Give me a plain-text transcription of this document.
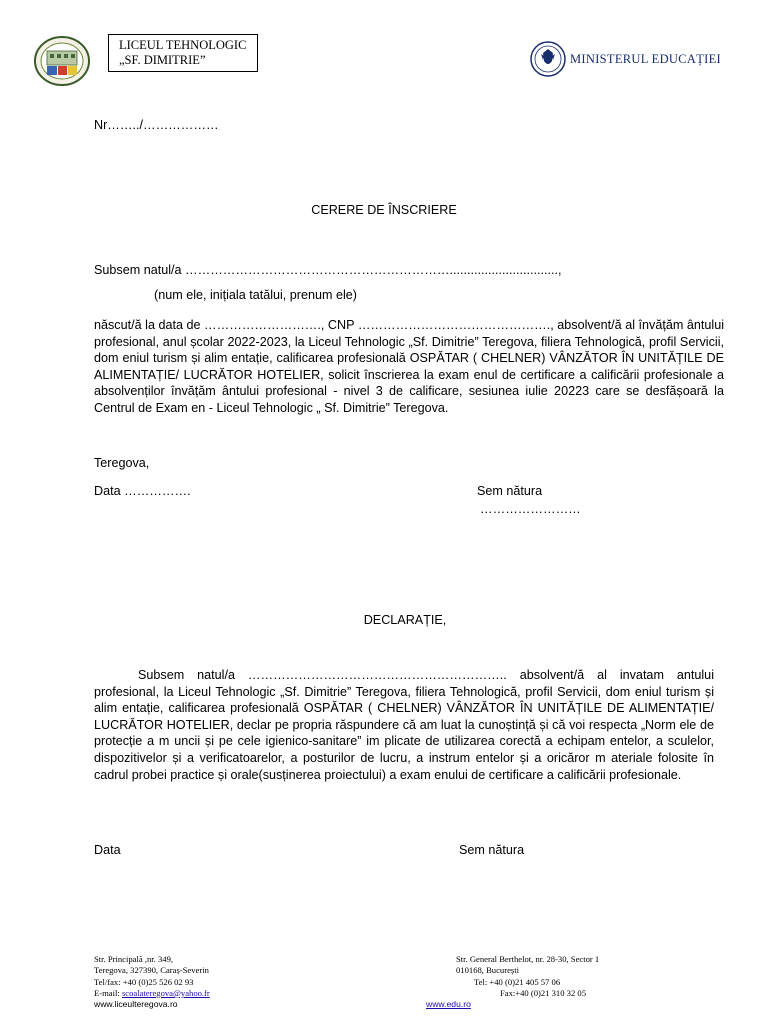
LICEUL TEHNOLOGIC
„SF. DIMITRIE”	MINISTERUL EDUCAȚIEI
Nr……../………………
CERERE DE ÎNSCRIERE
Subsem natul/a ………………………………………………………...............................,
(num ele, inițiala tatălui, prenum ele)
născut/ă la data de ………………………., CNP ………………………………………., absolvent/ă al învățăm ântului profesional, anul școlar 2022-2023, la Liceul Tehnologic „Sf. Dimitrie” Teregova, filiera Tehnologică, profil Servicii, dom eniul turism și alim entație, calificarea profesională OSPĂTAR ( CHELNER) VÂNZĂTOR ÎN UNITĂȚILE DE ALIMENTAȚIE/ LUCRĂTOR HOTELIER, solicit înscrierea la exam enul de certificare a calificării profesionale a absolvenților învățăm ântului profesional - nivel 3 de calificare, sesiunea iulie 20223 care se desfășoară la Centrul de Exam en - Liceul Tehnologic „ Sf. Dimitrie” Teregova.
Teregova,
Data …………….	Sem nătura
……………………
DECLARAȚIE,
Subsem natul/a …………………………………………………….. absolvent/ă al invatam antului profesional, la Liceul Tehnologic „Sf. Dimitrie” Teregova, filiera Tehnologică, profil Servicii, dom eniul turism și alim entație, calificarea profesională OSPĂTAR ( CHELNER) VÂNZĂTOR ÎN UNITĂȚILE DE ALIMENTAȚIE/ LUCRĂTOR HOTELIER, declar pe propria răspundere că am luat la cunoștință și că voi respecta „Norm ele de protecție a m uncii și pe cele igienico-sanitare” im plicate de utilizarea corectă a echipam entelor, a sculelor, dispozitivelor și a verificatoarelor, a posturilor de lucru, a instrum entelor și a oricăror m ateriale folosite în cadrul probei practice și orale(susținerea proiectului) a exam enului de certificare a calificării profesionale.
Data	Sem nătura
Str. Principală ,nr. 349,
Teregova, 327390, Caraș-Severin
Tel/fax: +40 (0)25 526 02 93
E-mail: scoalateregova@yahoo.fr
www.liceulteregova.ro
Str. General Berthelot, nr. 28-30, Sector 1
010168, București
Tel: +40 (0)21 405 57 06
Fax:+40 (0)21 310 32 05
www.edu.ro
